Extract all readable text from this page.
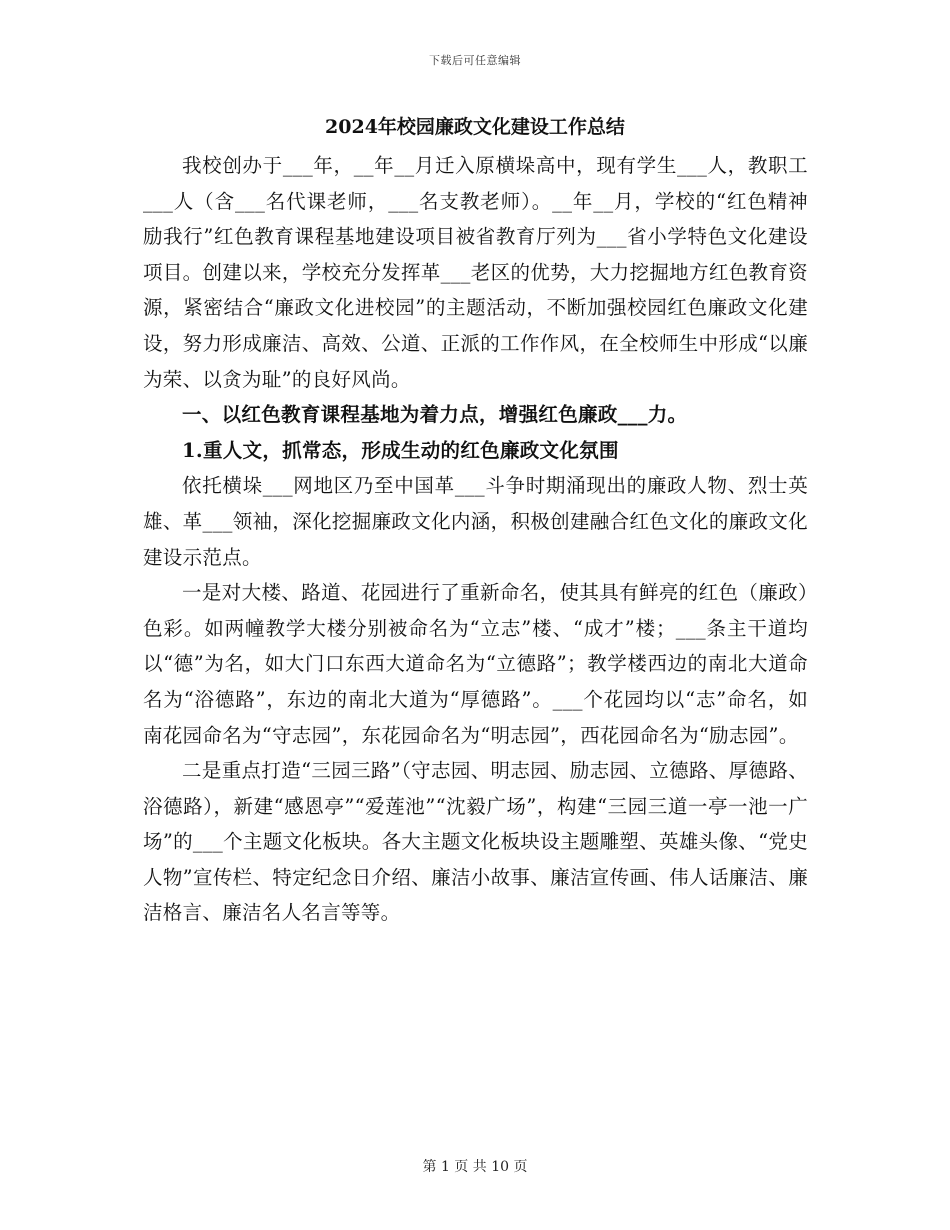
下载后可任意编辑
2024年校园廉政文化建设工作总结

我校创办于___年，__年__月迁入原横垛高中，现有学生___人，教职工___人（含___名代课老师，___名支教老师）。__年__月，学校的“红色精神励我行”红色教育课程基地建设项目被省教育厅列为___省小学特色文化建设项目。创建以来，学校充分发挥革___老区的优势，大力挖掘地方红色教育资源，紧密结合“廉政文化进校园”的主题活动，不断加强校园红色廉政文化建设，努力形成廉洁、高效、公道、正派的工作作风，在全校师生中形成“以廉为荣、以贪为耻”的良好风尚。

一、以红色教育课程基地为着力点，增强红色廉政___力。
1.重人文，抓常态，形成生动的红色廉政文化氛围

依托横垛___网地区乃至中国革___斗争时期涌现出的廉政人物、烈士英雄、革___领袖，深化挖掘廉政文化内涵，积极创建融合红色文化的廉政文化建设示范点。

一是对大楼、路道、花园进行了重新命名，使其具有鲜亮的红色（廉政）色彩。如两幢教学大楼分别被命名为“立志”楼、“成才”楼；___条主干道均以“德”为名，如大门口东西大道命名为“立德路”；教学楼西边的南北大道命名为“浴德路”，东边的南北大道为“厚德路”。___个花园均以“志”命名，如南花园命名为“守志园”，东花园命名为“明志园”，西花园命名为“励志园”。

二是重点打造“三园三路”（守志园、明志园、励志园、立德路、厚德路、浴德路），新建“感恩亭”“爱莲池”“沈毅广场”，构建“三园三道一亭一池一广场”的___个主题文化板块。各大主题文化板块设主题雕塑、英雄头像、“党史人物”宣传栏、特定纪念日介绍、廉洁小故事、廉洁宣传画、伟人话廉洁、廉洁格言、廉洁名人名言等等。

第 1 页 共 10 页
